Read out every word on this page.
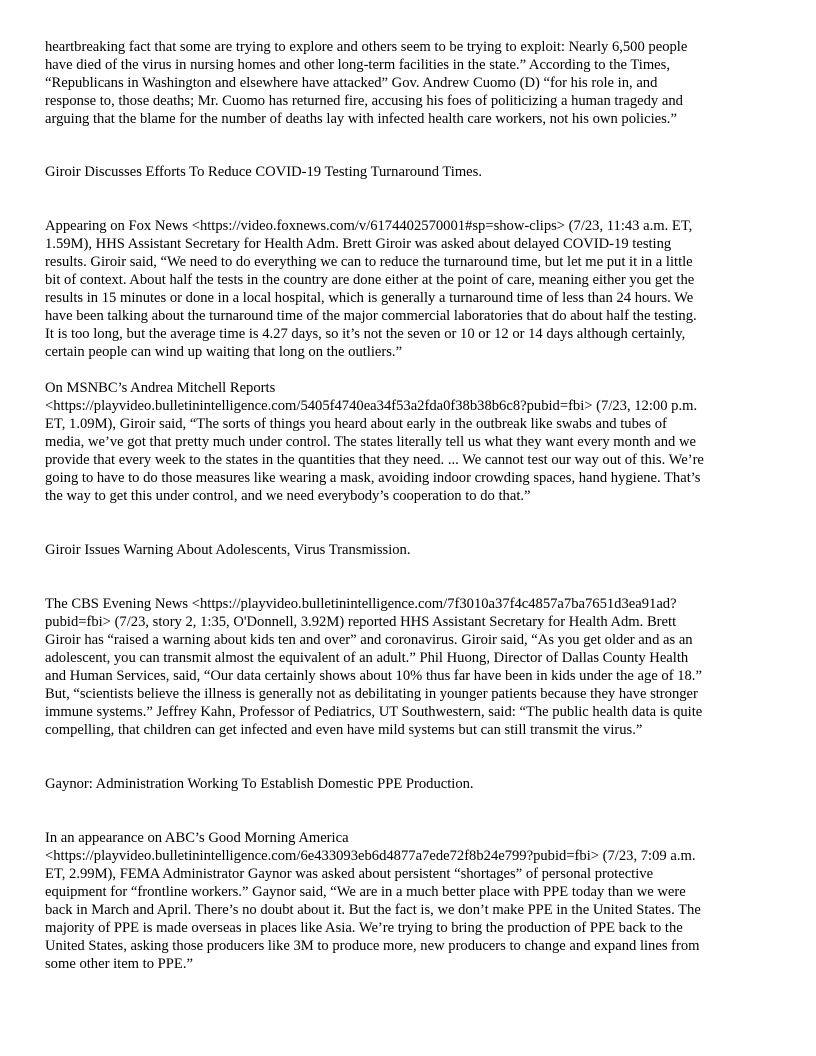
heartbreaking fact that some are trying to explore and others seem to be trying to exploit: Nearly 6,500 people
have died of the virus in nursing homes and other long-term facilities in the state.” According to the Times,
“Republicans in Washington and elsewhere have attacked” Gov. Andrew Cuomo (D) “for his role in, and
response to, those deaths; Mr. Cuomo has returned fire, accusing his foes of politicizing a human tragedy and
arguing that the blame for the number of deaths lay with infected health care workers, not his own policies.”

Giroir Discusses Efforts To Reduce COVID-19 Testing Turnaround Times.

Appearing on Fox News <https://video.foxnews.com/v/6174402570001#sp=show-clips> (7/23, 11:43 a.m. ET,
1.59M), HHS Assistant Secretary for Health Adm. Brett Giroir was asked about delayed COVID-19 testing
results. Giroir said, “We need to do everything we can to reduce the turnaround time, but let me put it in a little
bit of context. About half the tests in the country are done either at the point of care, meaning either you get the
results in 15 minutes or done in a local hospital, which is generally a turnaround time of less than 24 hours. We
have been talking about the turnaround time of the major commercial laboratories that do about half the testing.
It is too long, but the average time is 4.27 days, so it’s not the seven or 10 or 12 or 14 days although certainly,
certain people can wind up waiting that long on the outliers.”

On MSNBC’s Andrea Mitchell Reports
<https://playvideo.bulletinintelligence.com/5405f4740ea34f53a2fda0f38b38b6c8?pubid=fbi> (7/23, 12:00 p.m.
ET, 1.09M), Giroir said, “The sorts of things you heard about early in the outbreak like swabs and tubes of
media, we’ve got that pretty much under control. The states literally tell us what they want every month and we
provide that every week to the states in the quantities that they need. ... We cannot test our way out of this. We’re
going to have to do those measures like wearing a mask, avoiding indoor crowding spaces, hand hygiene. That’s
the way to get this under control, and we need everybody’s cooperation to do that.”

Giroir Issues Warning About Adolescents, Virus Transmission.

The CBS Evening News <https://playvideo.bulletinintelligence.com/7f3010a37f4c4857a7ba7651d3ea91ad?
pubid=fbi> (7/23, story 2, 1:35, O'Donnell, 3.92M) reported HHS Assistant Secretary for Health Adm. Brett
Giroir has “raised a warning about kids ten and over” and coronavirus. Giroir said, “As you get older and as an
adolescent, you can transmit almost the equivalent of an adult.” Phil Huong, Director of Dallas County Health
and Human Services, said, “Our data certainly shows about 10% thus far have been in kids under the age of 18.”
But, “scientists believe the illness is generally not as debilitating in younger patients because they have stronger
immune systems.” Jeffrey Kahn, Professor of Pediatrics, UT Southwestern, said: “The public health data is quite
compelling, that children can get infected and even have mild systems but can still transmit the virus.”

Gaynor: Administration Working To Establish Domestic PPE Production.

In an appearance on ABC’s Good Morning America
<https://playvideo.bulletinintelligence.com/6e433093eb6d4877a7ede72f8b24e799?pubid=fbi> (7/23, 7:09 a.m.
ET, 2.99M), FEMA Administrator Gaynor was asked about persistent “shortages” of personal protective
equipment for “frontline workers.” Gaynor said, “We are in a much better place with PPE today than we were
back in March and April. There’s no doubt about it. But the fact is, we don’t make PPE in the United States. The
majority of PPE is made overseas in places like Asia. We’re trying to bring the production of PPE back to the
United States, asking those producers like 3M to produce more, new producers to change and expand lines from
some other item to PPE.”
